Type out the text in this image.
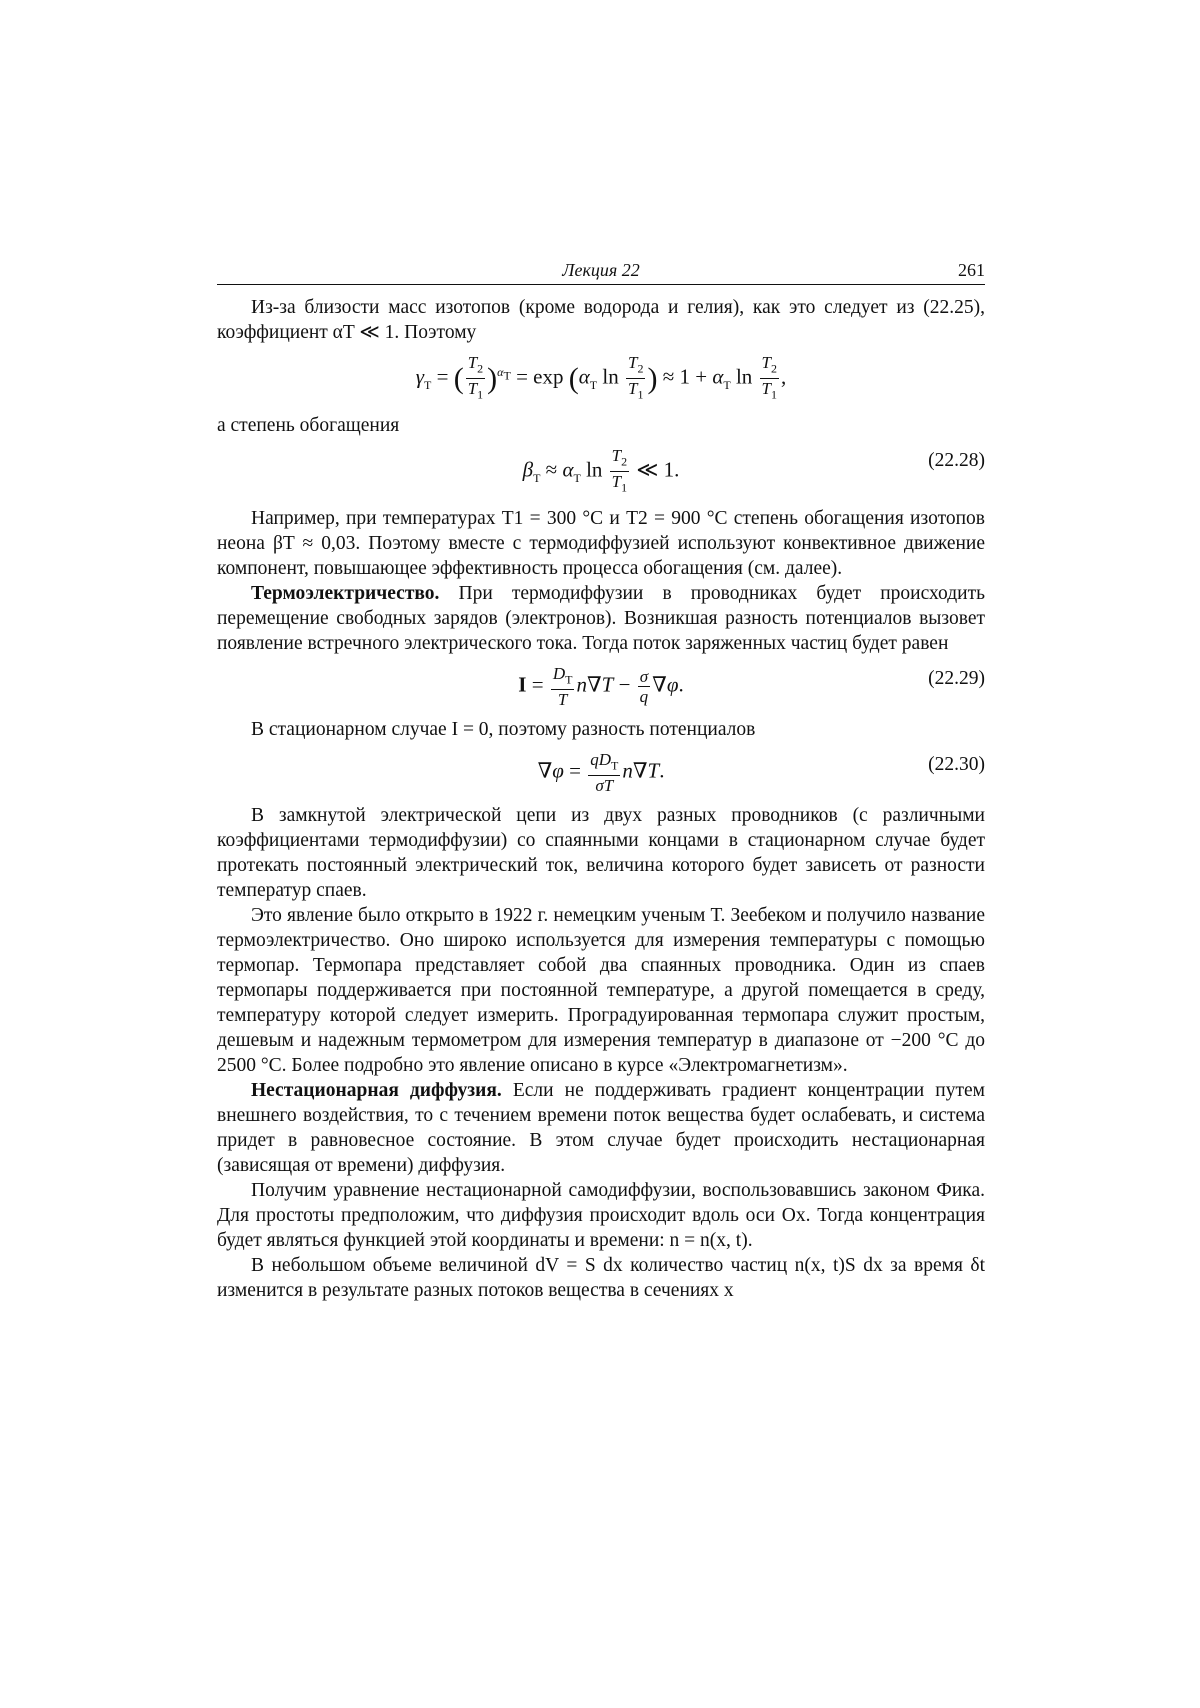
Лекция 22	261

Из-за близости масс изотопов (кроме водорода и гелия), как это следует из (22.25), коэффициент αT ≪ 1. Поэтому

$\gamma_T$ = ( $\frac{T_2}{T_1} )^{\alpha_T} = \exp (\alpha_T$ $\ln \frac{T_2}{T_1}$ ) ≈ $1 + \alpha_T$ $\ln \frac{T_2}{T_1}$ ,

а степень обогащения

$\beta_T \approx \alpha_T$ $\ln \frac{T_2}{T_1}$ ≪ 1.	(22.28)

Например, при температурах T1 = 300 °С и T2 = 900 °С степень обогащения изотопов неона βT ≈ 0,03. Поэтому вместе с термодиффузией используют конвективное движение компонент, повышающее эффективность процесса обогащения (см. далее).

Термоэлектричество. При термодиффузии в проводниках будет происходить перемещение свободных зарядов (электронов). Возникшая разность потенциалов вызовет появление встречного электрического тока. Тогда поток заряженных частиц будет равен

$I = \frac{D_T}{T} n\nabla T - \frac{\sigma}{q} \nabla\varphi$.	(22.29)

В стационарном случае I = 0, поэтому разность потенциалов

$\nabla\varphi = \frac{qD_T}{\sigma T} n\nabla T$.	(22.30)

В замкнутой электрической цепи из двух разных проводников (с различными коэффициентами термодиффузии) со спаянными концами в стационарном случае будет протекать постоянный электрический ток, величина которого будет зависеть от разности температур спаев.

Это явление было открыто в 1922 г. немецким ученым Т. Зеебеком и получило название термоэлектричество. Оно широко используется для измерения температуры с помощью термопар. Термопара представляет собой два спаянных проводника. Один из спаев термопары поддерживается при постоянной температуре, а другой помещается в среду, температуру которой следует измерить. Проградуированная термопара служит простым, дешевым и надежным термометром для измерения температур в диапазоне от −200 °С до 2500 °С. Более подробно это явление описано в курсе «Электромагнетизм».

Нестационарная диффузия. Если не поддерживать градиент концентрации путем внешнего воздействия, то с течением времени поток вещества будет ослабевать, и система придет в равновесное состояние. В этом случае будет происходить нестационарная (зависящая от времени) диффузия.

Получим уравнение нестационарной самодиффузии, воспользовавшись законом Фика. Для простоты предположим, что диффузия происходит вдоль оси Ox. Тогда концентрация будет являться функцией этой координаты и времени: n = n(x, t).

В небольшом объеме величиной dV = S dx количество частиц n(x, t)S dx за время δt изменится в результате разных потоков вещества в сечениях x
